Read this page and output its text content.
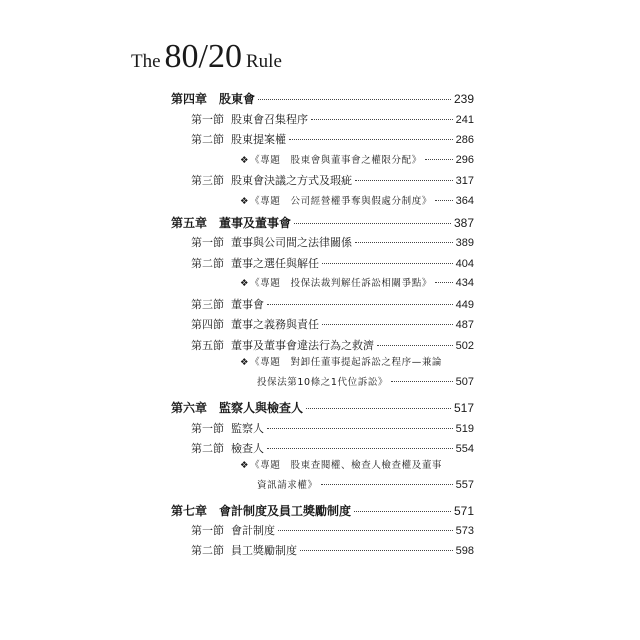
The 80/20 Rule
第四章 股東會	239
第一節 股東會召集程序	241
第二節 股東提案權	286
❖《專題　股東會與董事會之權限分配》	296
第三節 股東會決議之方式及瑕疵	317
❖《專題　公司經營權爭奪與假處分制度》 364
第五章 董事及董事會	387
第一節 董事與公司間之法律關係	389
第二節 董事之選任與解任	404
❖《專題　投保法裁判解任訴訟相關爭點》 434
第三節 董事會	449
第四節 董事之義務與責任	487
第五節 董事及董事會違法行為之救濟	502
❖《專題　對卸任董事提起訴訟之程序—兼論
投保法第10條之1代位訴訟》	507
第六章 監察人與檢查人	517
第一節 監察人	519
第二節 檢查人	554
❖《專題　股東查閱權、檢查人檢查權及董事
資訊請求權》	557
第七章 會計制度及員工獎勵制度	571
第一節 會計制度	573
第二節 員工獎勵制度	598
